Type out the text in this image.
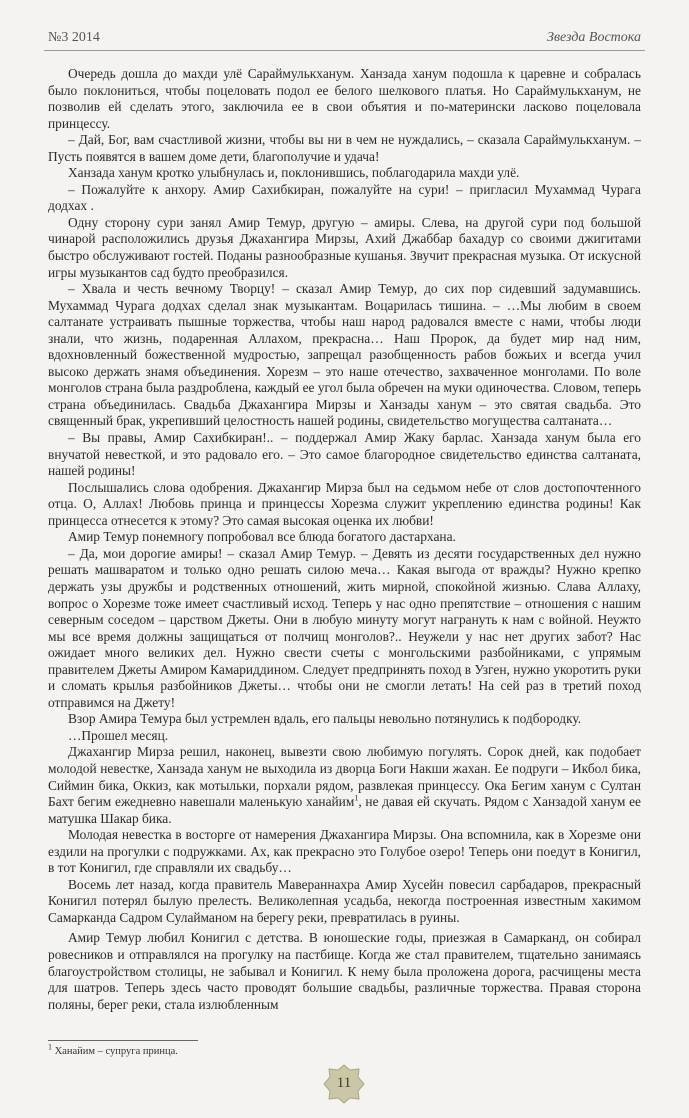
№3 2014	Звезда Востока

Очередь дошла до махди улё Сараймулькханум. Ханзада ханум подошла к царевне и собралась было поклониться, чтобы поцеловать подол ее белого шелкового платья. Но Сараймулькханум, не позволив ей сделать этого, заключила ее в свои объятия и по-матерински ласково поцеловала принцессу.

– Дай, Бог, вам счастливой жизни, чтобы вы ни в чем не нуждались, – сказала Сараймулькханум. – Пусть появятся в вашем доме дети, благополучие и удача!

Ханзада ханум кротко улыбнулась и, поклонившись, поблагодарила махди улё.

– Пожалуйте к анхору. Амир Сахибкиран, пожалуйте на сури! – пригласил Мухаммад Чурага додхах .

Одну сторону сури занял Амир Темур, другую – амиры. Слева, на другой сури под большой чинарой расположились друзья Джахангира Мирзы, Ахий Джаббар бахадур со своими джигитами быстро обслуживают гостей. Поданы разнообразные кушанья. Звучит прекрасная музыка. От искусной игры музыкантов сад будто преобразился.

– Хвала и честь вечному Творцу! – сказал Амир Темур, до сих пор сидевший задумавшись. Мухаммад Чурага додхах сделал знак музыкантам. Воцарилась тишина. – …Мы любим в своем салтанате устраивать пышные торжества, чтобы наш народ радовался вместе с нами, чтобы люди знали, что жизнь, подаренная Аллахом, прекрасна… Наш Пророк, да будет мир над ним, вдохновленный божественной мудростью, запрещал разобщенность рабов божьих и всегда учил высоко держать знамя объединения. Хорезм – это наше отечество, захваченное монголами. По воле монголов страна была раздроблена, каждый ее угол была обречен на муки одиночества. Словом, теперь страна объединилась. Свадьба Джахангира Мирзы и Ханзады ханум – это святая свадьба. Это священный брак, укрепивший целостность нашей родины, свидетельство могущества салтаната…

– Вы правы, Амир Сахибкиран!.. – поддержал Амир Жаку барлас. Ханзада ханум была его внучатой невесткой, и это радовало его. – Это самое благородное свидетельство единства салтаната, нашей родины!

Послышались слова одобрения. Джахангир Мирза был на седьмом небе от слов достопочтенного отца. О, Аллах! Любовь принца и принцессы Хорезма служит укреплению единства родины! Как принцесса отнесется к этому? Это самая высокая оценка их любви!

Амир Темур понемногу попробовал все блюда богатого дастархана.

– Да, мои дорогие амиры! – сказал Амир Темур. – Девять из десяти государственных дел нужно решать машваратом и только одно решать силою меча… Какая выгода от вражды? Нужно крепко держать узы дружбы и родственных отношений, жить мирной, спокойной жизнью. Слава Аллаху, вопрос о Хорезме тоже имеет счастливый исход. Теперь у нас одно препятствие – отношения с нашим северным соседом – царством Джеты. Они в любую минуту могут награнуть к нам с войной. Неужто мы все время должны защищаться от полчищ монголов?.. Неужели у нас нет других забот? Нас ожидает много великих дел. Нужно свести счеты с монгольскими разбойниками, с упрямым правителем Джеты Амиром Камариддином. Следует предпринять поход в Узген, нужно укоротить руки и сломать крылья разбойников Джеты… чтобы они не смогли летать! На сей раз в третий поход отправимся на Джету!

Взор Амира Темура был устремлен вдаль, его пальцы невольно потянулись к подбородку.

…Прошел месяц.

Джахангир Мирза решил, наконец, вывезти свою любимую погулять. Сорок дней, как подобает молодой невестке, Ханзада ханум не выходила из дворца Боги Накши жахан. Ее подруги – Икбол бика, Сиймин бика, Оккиз, как мотыльки, порхали рядом, развлекая принцессу. Ока Бегим ханум с Султан Бахт бегим ежедневно навешали маленькую ханайим$^1$, не давая ей скучать. Рядом с Ханзадой ханум ее матушка Шакар бика.

Молодая невестка в восторге от намерения Джахангира Мирзы. Она вспомнила, как в Хорезме они ездили на прогулки с подружками. Ах, как прекрасно это Голубое озеро! Теперь они поедут в Конигил, в тот Конигил, где справляли их свадьбу…

Восемь лет назад, когда правитель Мавераннахра Амир Хусейн повесил сарбадаров, прекрасный Конигил потерял былую прелесть. Великолепная усадьба, некогда построенная известным хакимом Самарканда Садром Сулайманом на берегу реки, превратилась в руины.

Амир Темур любил Конигил с детства. В юношеские годы, приезжая в Самарканд, он собирал ровесников и отправлялся на прогулку на пастбище. Когда же стал правителем, тщательно занимаясь благоустройством столицы, не забывал и Конигил. К нему была проложена дорога, расчищены места для шатров. Теперь здесь часто проводят большие свадьбы, различные торжества. Правая сторона поляны, берег реки, стала излюбленным

$^1$ Ханайим – супруга принца.
11
